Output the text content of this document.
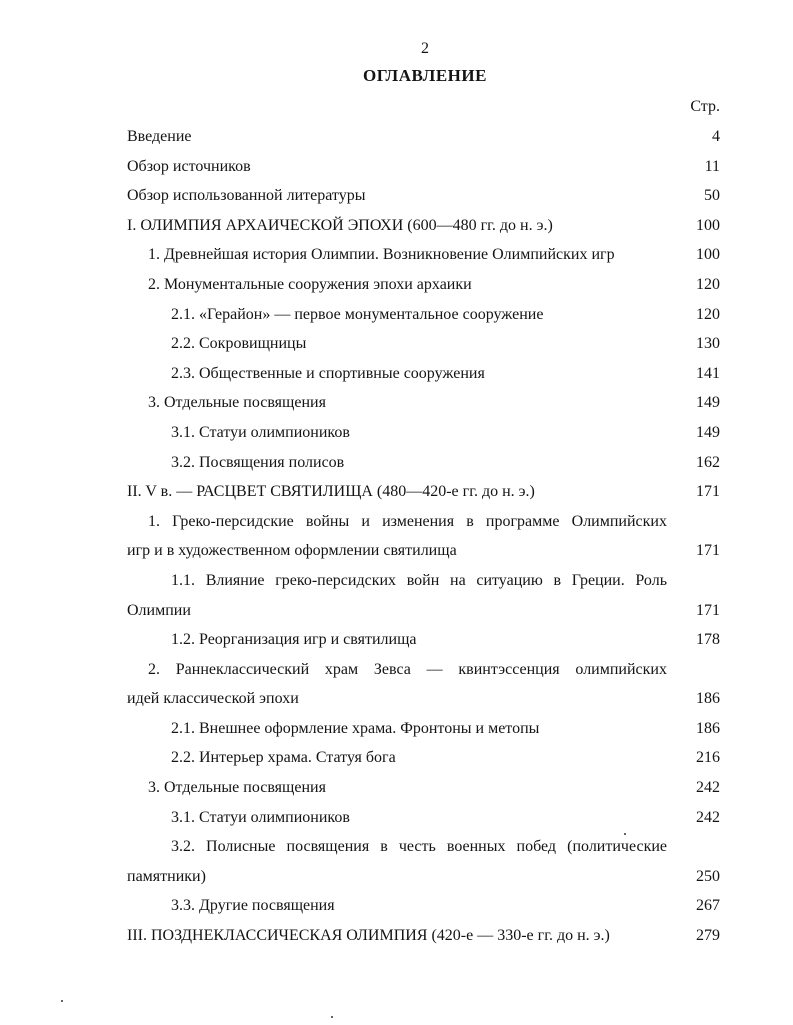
2
ОГЛАВЛЕНИЕ
Стр.
Введение	4
Обзор источников	11
Обзор использованной литературы	50
I. ОЛИМПИЯ АРХАИЧЕСКОЙ ЭПОХИ (600—480 гг. до н. э.)	100
1. Древнейшая история Олимпии. Возникновение Олимпийских игр	100
2. Монументальные сооружения эпохи архаики	120
2.1. «Герайон» — первое монументальное сооружение	120
2.2. Сокровищницы	130
2.3. Общественные и спортивные сооружения	141
3. Отдельные посвящения	149
3.1. Статуи олимпиоников	149
3.2. Посвящения полисов	162
II. V в. — РАСЦВЕТ СВЯТИЛИЩА (480—420-е гг. до н. э.)	171
1. Греко-персидские войны и изменения в программе Олимпийских
игр и в художественном оформлении святилища	171
1.1. Влияние греко-персидских войн на ситуацию в Греции. Роль
Олимпии	171
1.2. Реорганизация игр и святилища	178
2. Раннеклассический храм Зевса — квинтэссенция олимпийских
идей классической эпохи	186
2.1. Внешнее оформление храма. Фронтоны и метопы	186
2.2. Интерьер храма. Статуя бога	216
3. Отдельные посвящения	242
3.1. Статуи олимпиоников	242
3.2. Полисные посвящения в честь военных побед (политические
памятники)	250
3.3. Другие посвящения	267
III. ПОЗДНЕКЛАССИЧЕСКАЯ ОЛИМПИЯ (420-е — 330-е гг. до н. э.)	279
